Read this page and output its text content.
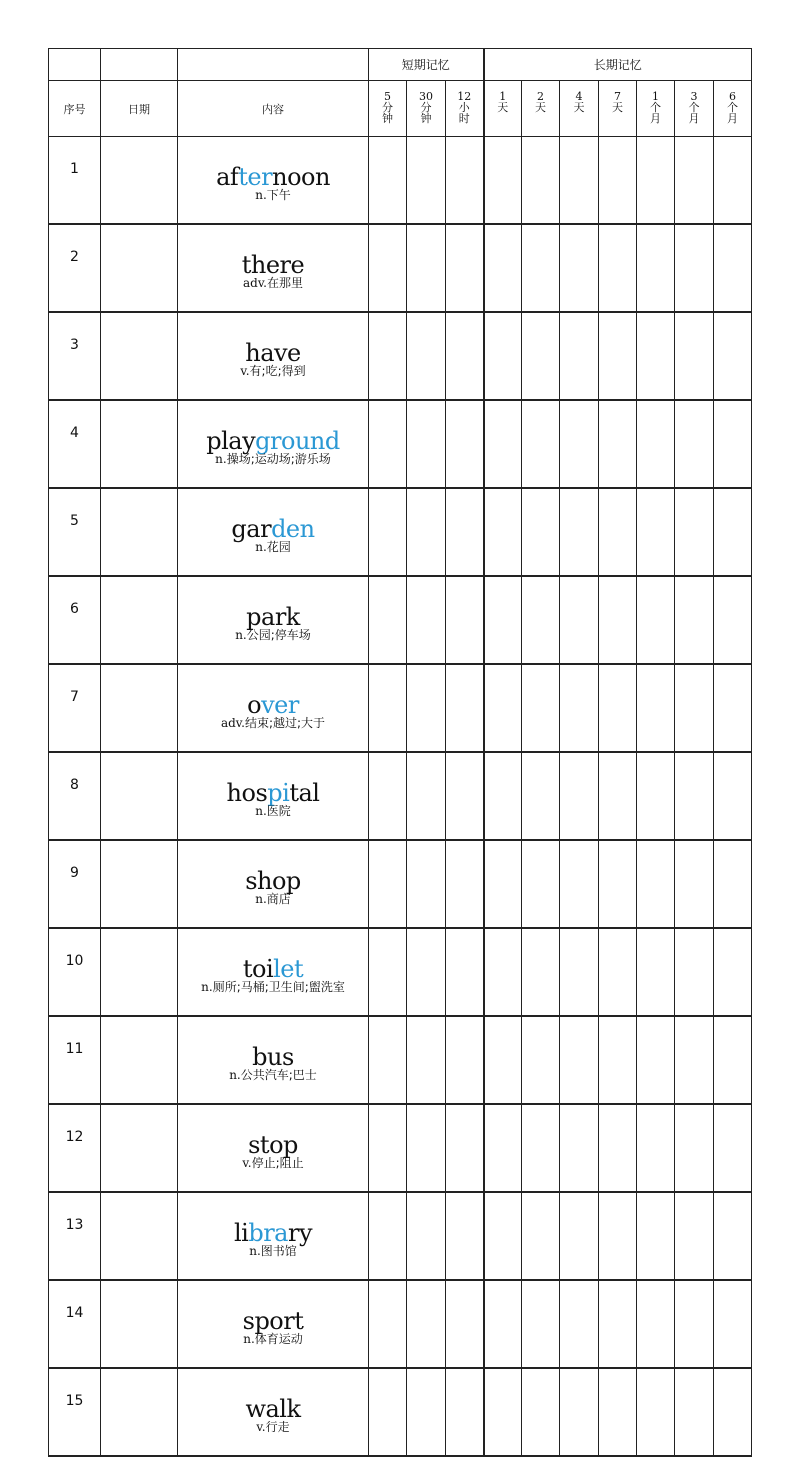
			短期记忆			长期记忆						
序号	日期	内容	5
分
钟	30
分
钟	12
小
时	1
天	2
天	4
天	7
天	1
个
月	3
个
月	6
个
月

1		afternoon
n.下午										

2		there
adv.在那里										

3		have
v.有;吃;得到										

4		playground
n.操场;运动场;游乐场										

5		garden
n.花园										

6		park
n.公园;停车场										

7		over
adv.结束;越过;大于										

8		hospital
n.医院										

9		shop
n.商店										

10		toilet
n.厕所;马桶;卫生间;盥洗室										

11		bus
n.公共汽车;巴士										

12		stop
v.停止;阻止										

13		library
n.图书馆										

14		sport
n.体育运动										

15		walk
v.行走										
